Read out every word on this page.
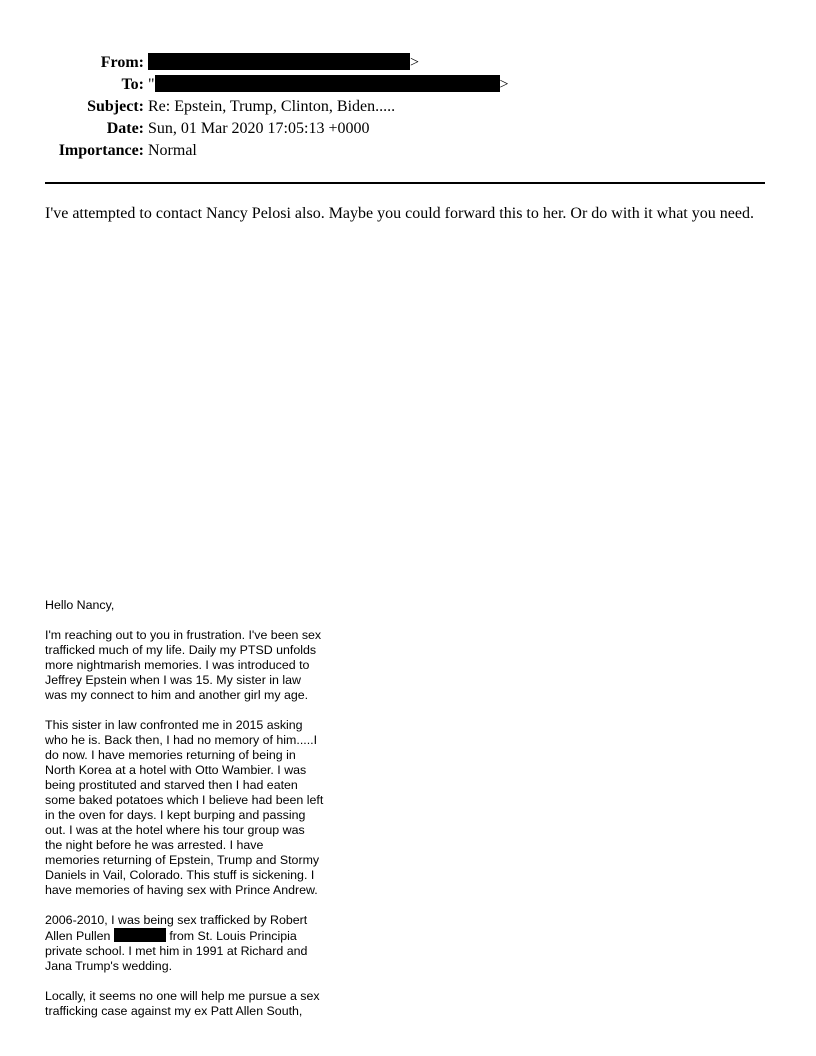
From:	>
To:	" >
Subject:	Re: Epstein, Trump, Clinton, Biden.....
Date:	Sun, 01 Mar 2020 17:05:13 +0000
Importance:	Normal

I've attempted to contact Nancy Pelosi also. Maybe you could forward this to her. Or do with it what you need.

Hello Nancy,
I'm reaching out to you in frustration. I've been sex
trafficked much of my life. Daily my PTSD unfolds
more nightmarish memories. I was introduced to
Jeffrey Epstein when I was 15. My sister in law
was my connect to him and another girl my age.
This sister in law confronted me in 2015 asking
who he is. Back then, I had no memory of him.....I
do now. I have memories returning of being in
North Korea at a hotel with Otto Wambier. I was
being prostituted and starved then I had eaten
some baked potatoes which I believe had been left
in the oven for days. I kept burping and passing
out. I was at the hotel where his tour group was
the night before he was arrested. I have
memories returning of Epstein, Trump and Stormy
Daniels in Vail, Colorado. This stuff is sickening. I
have memories of having sex with Prince Andrew.
2006-2010, I was being sex trafficked by Robert
Allen Pullen	from St. Louis Principia
private school. I met him in 1991 at Richard and
Jana Trump's wedding.
Locally, it seems no one will help me pursue a sex
trafficking case against my ex Patt Allen South,
